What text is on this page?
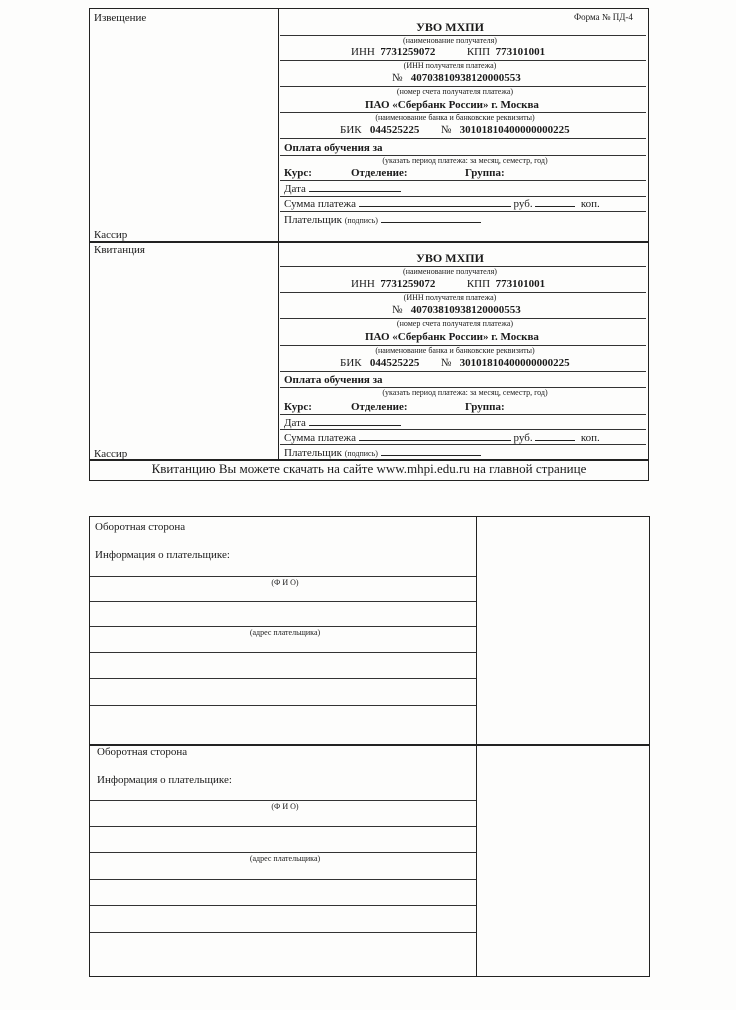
Форма № ПД-4
Извещение
Кассир
УВО МХПИ
(наименование получателя)
ИНН 7731259072	КПП 773101001
(ИНН получателя платежа)
№ 40703810938120000553
(номер счета получателя платежа)
ПАО «Сбербанк России» г. Москва
(наименование банка и банковские реквизиты)
БИК 044525225 № 30101810400000000225
Оплата обучения за
(указать период платежа: за месяц, семестр, год)
Курс:	Отделение:	Группа:
Дата
Сумма платежа	руб.	коп.
Плательщик (подпись)
Квитанция
Кассир
УВО МХПИ
(наименование получателя)
ИНН 7731259072	КПП 773101001
(ИНН получателя платежа)
№ 40703810938120000553
(номер счета получателя платежа)
ПАО «Сбербанк России» г. Москва
(наименование банка и банковские реквизиты)
БИК 044525225 № 30101810400000000225
Оплата обучения за
(указать период платежа: за месяц, семестр, год)
Курс:	Отделение:	Группа:
Дата
Сумма платежа	руб.	коп.
Плательщик (подпись)
Квитанцию Вы можете скачать на сайте www.mhpi.edu.ru на главной странице
Оборотная сторона
Информация о плательщике:
(Ф И О)
(адрес плательщика)
Оборотная сторона
Информация о плательщике:
(Ф И О)
(адрес плательщика)
